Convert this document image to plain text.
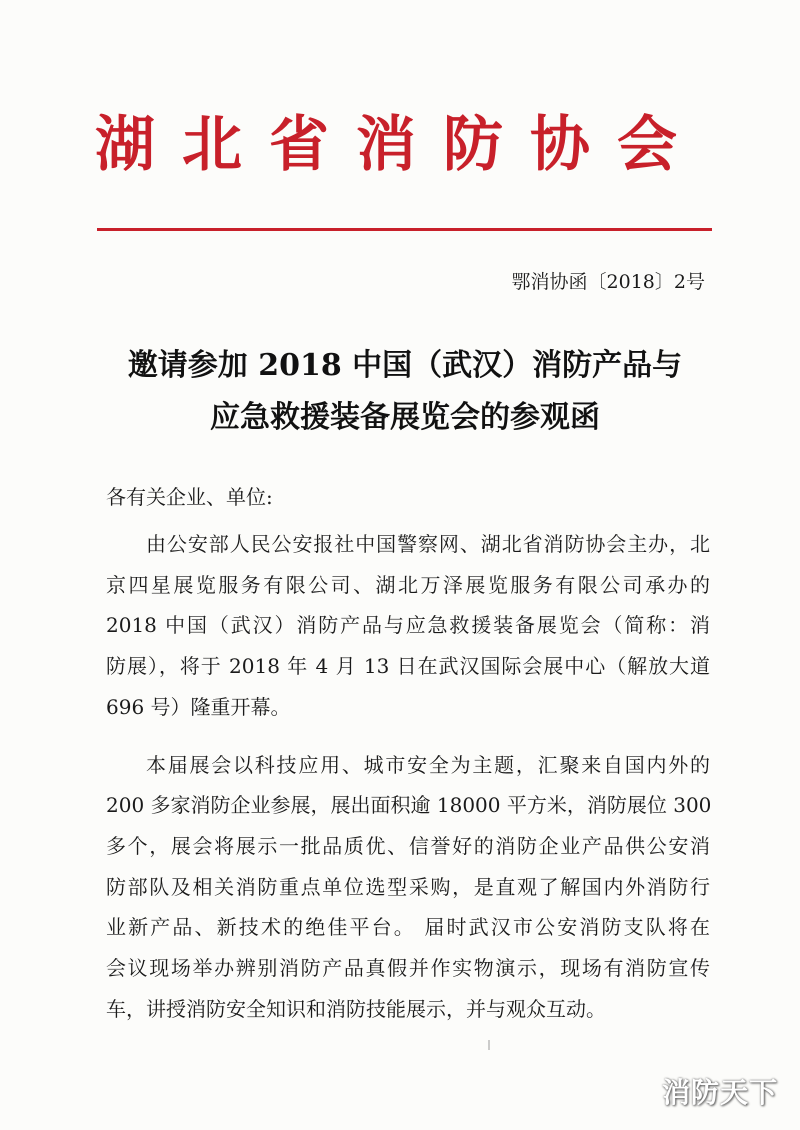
湖北省消防协会
鄂消协函〔2018〕2号
邀请参加 2018 中国（武汉）消防产品与
应急救援装备展览会的参观函
各有关企业、单位:
由公安部人民公安报社中国警察网、湖北省消防协会主办，北
京四星展览服务有限公司、湖北万泽展览服务有限公司承办的
2018 中国（武汉）消防产品与应急救援装备展览会（简称：消
防展），将于 2018 年 4 月 13 日在武汉国际会展中心（解放大道
696 号）隆重开幕。
本届展会以科技应用、城市安全为主题，汇聚来自国内外的
200 多家消防企业参展，展出面积逾 18000 平方米，消防展位 300
多个，展会将展示一批品质优、信誉好的消防企业产品供公安消
防部队及相关消防重点单位选型采购，是直观了解国内外消防行
业新产品、新技术的绝佳平台。 届时武汉市公安消防支队将在
会议现场举办辨别消防产品真假并作实物演示，现场有消防宣传
车，讲授消防安全知识和消防技能展示，并与观众互动。
消防天下
